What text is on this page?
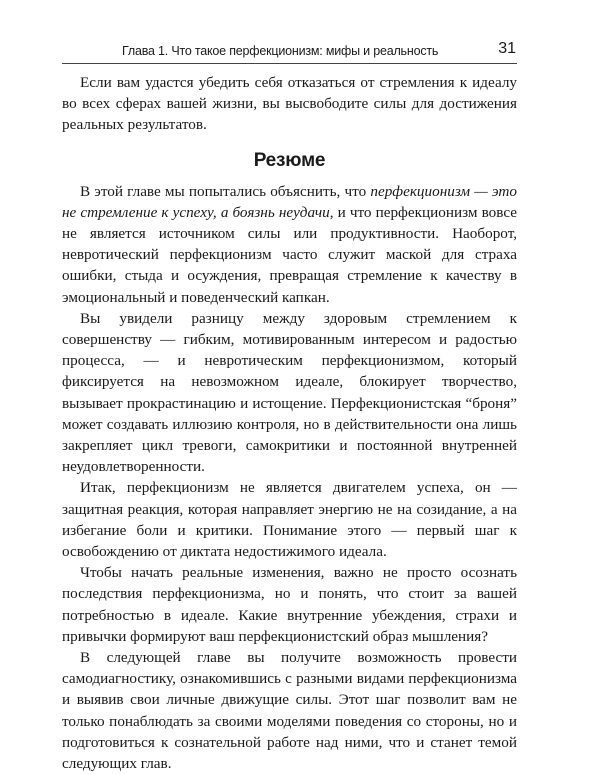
Глава 1. Что такое перфекционизм: мифы и реальность	31

Если вам удастся убедить себя отказаться от стремления к идеалу во всех сферах вашей жизни, вы высвободите силы для достижения реальных результатов.

Резюме

В этой главе мы попытались объяснить, что перфекционизм — это не стремление к успеху, а боязнь неудачи, и что перфекционизм вовсе не является источником силы или продуктивности. Наоборот, невротический перфекционизм часто служит маской для страха ошибки, стыда и осуждения, превращая стремление к качеству в эмоциональный и поведенческий капкан.

Вы увидели разницу между здоровым стремлением к совершенству — гибким, мотивированным интересом и радостью процесса, — и невротическим перфекционизмом, который фиксируется на невозможном идеале, блокирует творчество, вызывает прокрастинацию и истощение. Перфекционистская “броня” может создавать иллюзию контроля, но в действительности она лишь закрепляет цикл тревоги, самокритики и постоянной внутренней неудовлетворенности.

Итак, перфекционизм не является двигателем успеха, он — защитная реакция, которая направляет энергию не на созидание, а на избегание боли и критики. Понимание этого — первый шаг к освобождению от диктата недостижимого идеала.

Чтобы начать реальные изменения, важно не просто осознать последствия перфекционизма, но и понять, что стоит за вашей потребностью в идеале. Какие внутренние убеждения, страхи и привычки формируют ваш перфекционистский образ мышления?

В следующей главе вы получите возможность провести самодиагностику, ознакомившись с разными видами перфекционизма и выявив свои личные движущие силы. Этот шаг позволит вам не только понаблюдать за своими моделями поведения со стороны, но и подготовиться к сознательной работе над ними, что и станет темой следующих глав.
